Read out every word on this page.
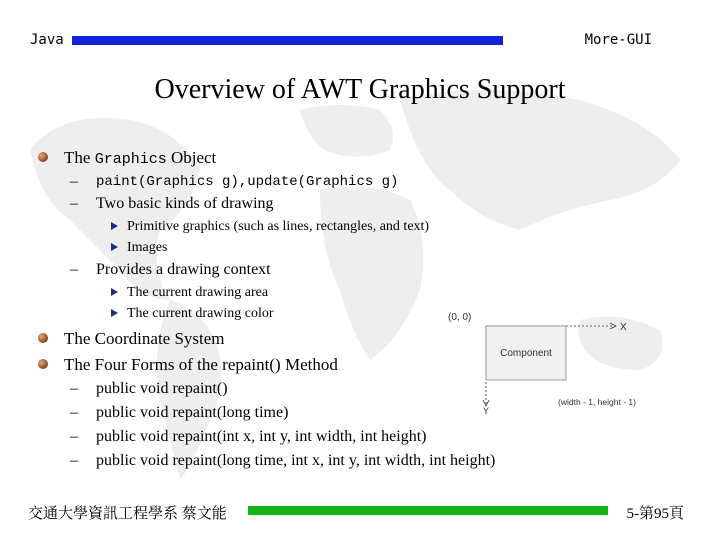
Java	More-GUI
Overview of AWT Graphics Support
The Graphics Object
– paint(Graphics g),update(Graphics g)
– Two basic kinds of drawing
Primitive graphics (such as lines, rectangles, and text)
Images
– Provides a drawing context
The current drawing area
The current drawing color
The Coordinate System
The Four Forms of the repaint() Method
– public void repaint()
– public void repaint(long time)
– public void repaint(int x, int y, int width, int height)
– public void repaint(long time, int x, int y, int width, int height)
(0, 0)
X
Y
Component
(width - 1, height - 1)
交通大學資訊工程學系 蔡文能	5-第95頁
